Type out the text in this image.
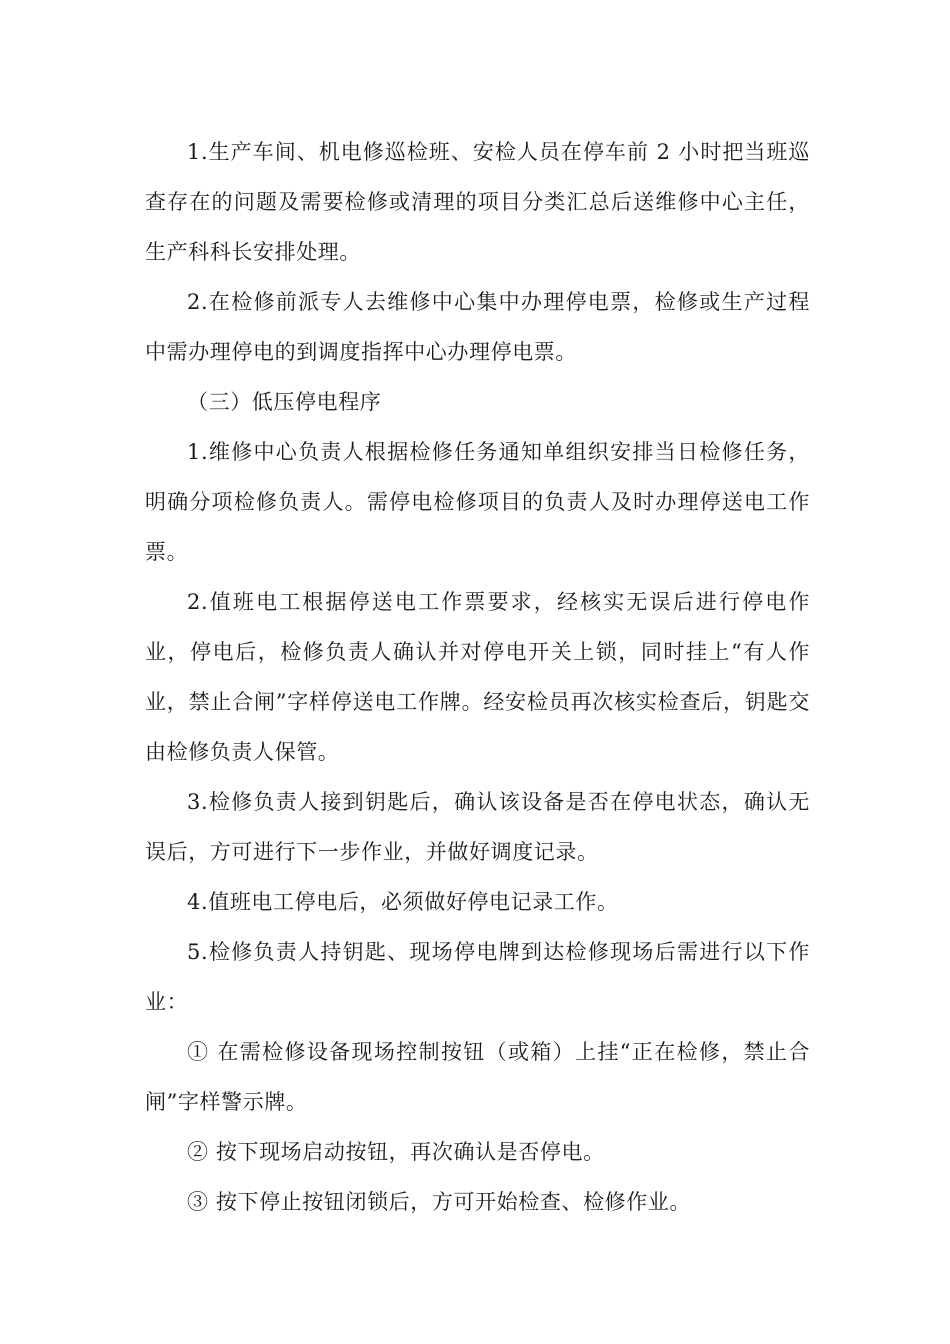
1.生产车间、机电修巡检班、安检人员在停车前 2 小时把当班巡查存在的问题及需要检修或清理的项目分类汇总后送维修中心主任，生产科科长安排处理。

2.在检修前派专人去维修中心集中办理停电票，检修或生产过程中需办理停电的到调度指挥中心办理停电票。

（三）低压停电程序

1.维修中心负责人根据检修任务通知单组织安排当日检修任务，明确分项检修负责人。需停电检修项目的负责人及时办理停送电工作票。

2.值班电工根据停送电工作票要求，经核实无误后进行停电作业，停电后，检修负责人确认并对停电开关上锁，同时挂上“有人作业，禁止合闸”字样停送电工作牌。经安检员再次核实检查后，钥匙交由检修负责人保管。

3.检修负责人接到钥匙后，确认该设备是否在停电状态，确认无误后，方可进行下一步作业，并做好调度记录。

4.值班电工停电后，必须做好停电记录工作。

5.检修负责人持钥匙、现场停电牌到达检修现场后需进行以下作业：

① 在需检修设备现场控制按钮（或箱）上挂“正在检修，禁止合闸”字样警示牌。

② 按下现场启动按钮，再次确认是否停电。

③ 按下停止按钮闭锁后，方可开始检查、检修作业。
